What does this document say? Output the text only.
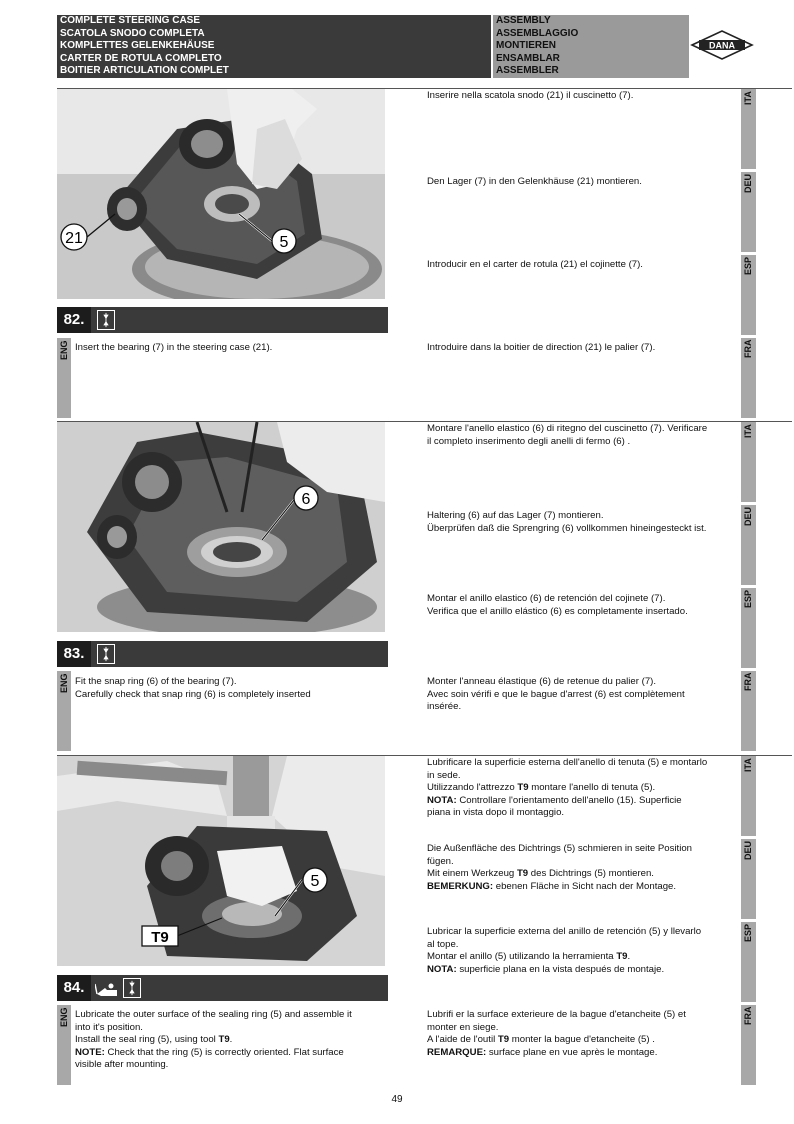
COMPLETE STEERING CASE	ASSEMBLY
SCATOLA SNODO COMPLETA	ASSEMBLAGGIO
KOMPLETTES GELENKEHÄUSE	MONTIEREN
CARTER DE ROTULA COMPLETO	ENSAMBLAR
BOITIER ARTICULATION COMPLET	ASSEMBLER
DANA
21	5
82.
ITA
DEU
ESP
FRA
ENG

Inserire nella scatola snodo (21) il cuscinetto (7).

Den Lager (7) in den Gelenkhäuse (21) montieren.

Introducir en el carter de rotula (21) el cojinette (7).

Introduire dans la boitier de direction (21) le palier (7).

Insert the bearing (7) in the steering case (21).

6
83.
ITA
DEU
ESP
FRA
ENG

Montare l'anello elastico (6) di ritegno del cuscinetto (7). Verificare
il completo inserimento degli anelli di fermo (6) .

Haltering (6) auf das Lager (7) montieren.
Überprüfen daß die Sprengring (6) vollkommen hineingesteckt ist.

Montar el anillo elastico (6) de retención del cojinete (7).
Verifica que el anillo elástico (6) es completamente insertado.

Monter l'anneau élastique (6) de retenue du palier (7).
Avec soin vérifi e que le bague d'arrest (6) est complètement
insérée.

Fit the snap ring (6) of the bearing (7).
Carefully check that snap ring (6) is completely inserted

5
T9
84.
ITA
DEU
ESP
FRA
ENG

Lubrificare la superficie esterna dell'anello di tenuta (5) e montarlo
in sede.
Utilizzando l'attrezzo T9 montare l'anello di tenuta (5).
NOTA: Controllare l'orientamento dell'anello (15). Superficie
piana in vista dopo il montaggio.

Die Außenfläche des Dichtrings (5) schmieren in seite Position
fügen.
Mit einem Werkzeug T9 des Dichtrings (5) montieren.
BEMERKUNG: ebenen Fläche in Sicht nach der Montage.

Lubricar la superficie externa del anillo de retención (5) y llevarlo
al tope.
Montar el anillo (5) utilizando la herramienta T9.
NOTA: superficie plana en la vista después de montaje.

Lubrifi er la surface exterieure de la bague d'etancheite (5) et
monter en siege.
A l'aide de l'outil T9 monter la bague d'etancheite (5) .
REMARQUE: surface plane en vue après le montage.

Lubricate the outer surface of the sealing ring (5) and assemble it
into it's position.
Install the seal ring (5), using tool T9.
NOTE: Check that the ring (5) is correctly oriented. Flat surface
visible after mounting.

49
